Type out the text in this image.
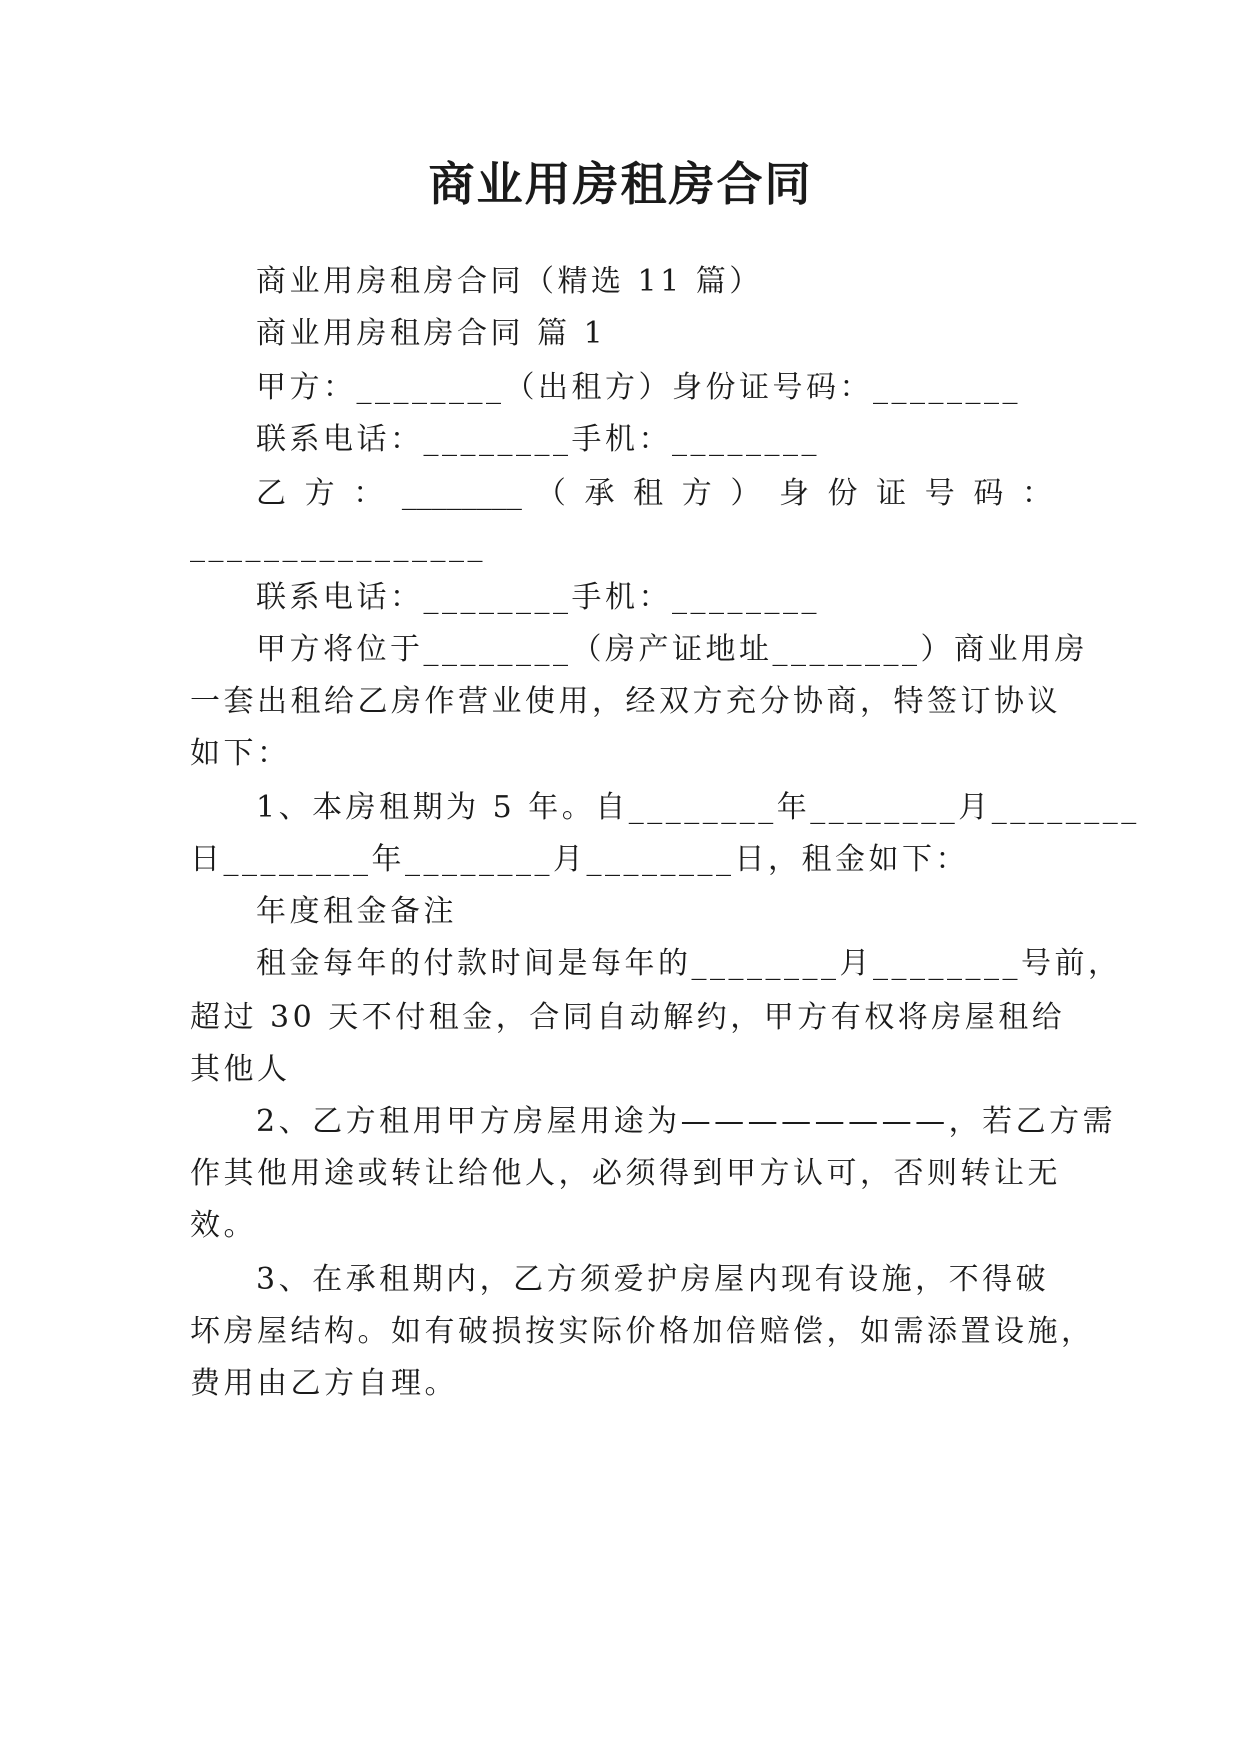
商业用房租房合同
商业用房租房合同（精选 11 篇）
商业用房租房合同 篇 1
甲方：________（出租方）身份证号码：________
联系电话：________手机：________
乙 方 ： ________ （ 承 租 方 ） 身 份 证 号 码 ：
________________
联系电话：________手机：________
甲方将位于________（房产证地址________）商业用房
一套出租给乙房作营业使用，经双方充分协商，特签订协议
如下：
1、本房租期为 5 年。自________年________月________
日________年________月________日，租金如下：
年度租金备注
租金每年的付款时间是每年的________月________号前，
超过 30 天不付租金，合同自动解约，甲方有权将房屋租给
其他人
2、乙方租用甲方房屋用途为————————，若乙方需
作其他用途或转让给他人，必须得到甲方认可，否则转让无
效。
3、在承租期内，乙方须爱护房屋内现有设施，不得破
坏房屋结构。如有破损按实际价格加倍赔偿，如需添置设施，
费用由乙方自理。
